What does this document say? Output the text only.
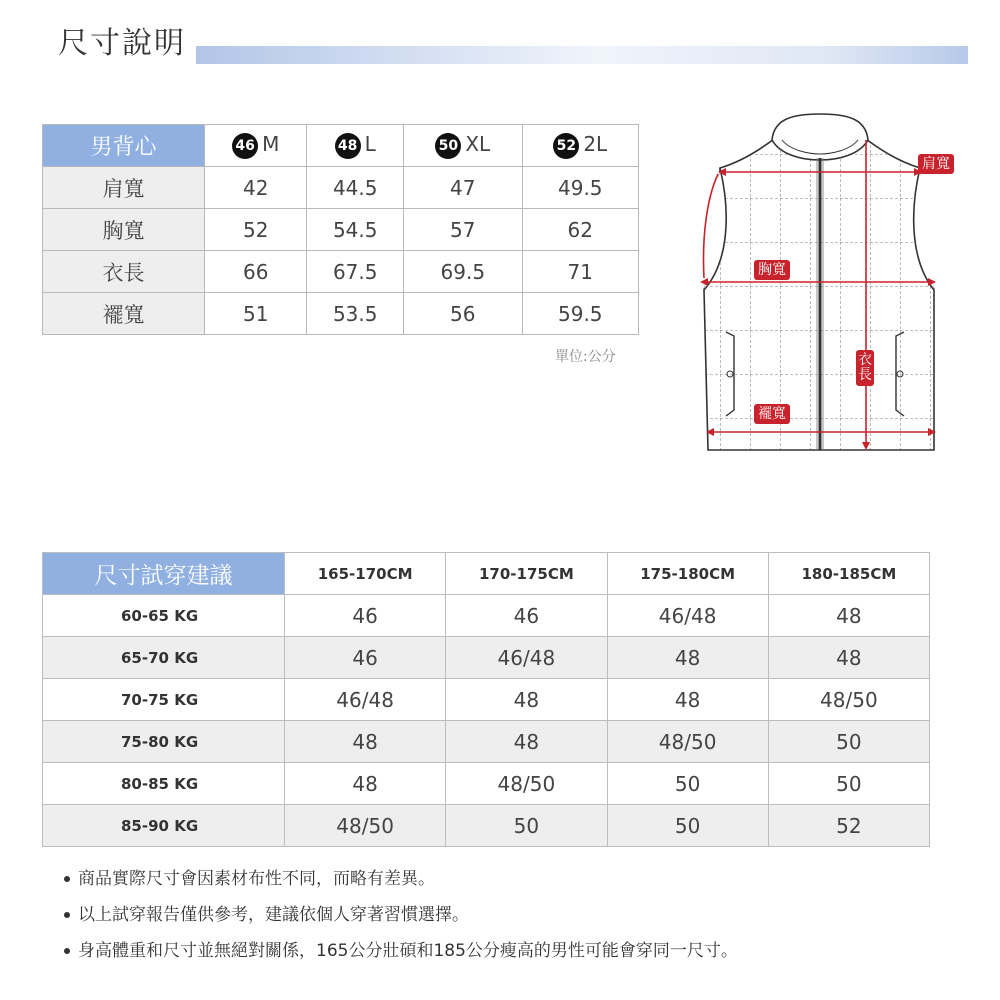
尺寸說明
男背心	46 M	48 L	50 XL	52 2L
肩寬	42	44.5	47	49.5
胸寬	52	54.5	57	62
衣長	66	67.5	69.5	71
襬寬	51	53.5	56	59.5
單位:公分
肩寬
胸寬
衣長
襬寬
尺寸試穿建議	165-170CM	170-175CM	175-180CM	180-185CM
60-65 KG	46	46	46/48	48
65-70 KG	46	46/48	48	48
70-75 KG	46/48	48	48	48/50
75-80 KG	48	48	48/50	50
80-85 KG	48	48/50	50	50
85-90 KG	48/50	50	50	52
商品實際尺寸會因素材布性不同，而略有差異。
以上試穿報告僅供參考，建議依個人穿著習慣選擇。
身高體重和尺寸並無絕對關係，165公分壯碩和185公分瘦高的男性可能會穿同一尺寸。
